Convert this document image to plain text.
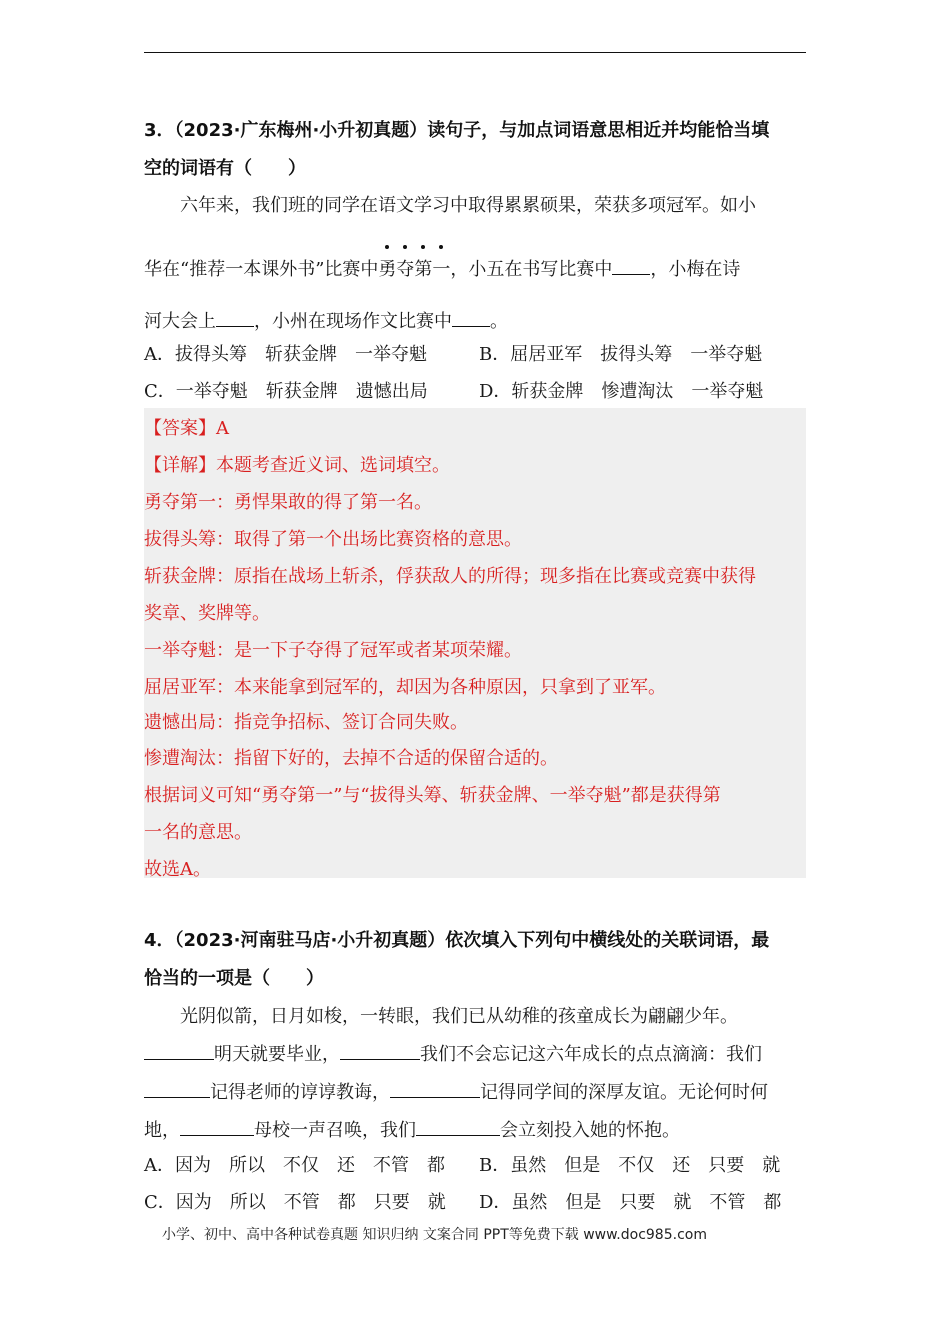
3．（2023·广东梅州·小升初真题）读句子，与加点词语意思相近并均能恰当填
空的词语有（　　）
六年来，我们班的同学在语文学习中取得累累硕果，荣获多项冠军。如小
华在“推荐一本课外书”比赛中
勇夺第一，小五在书写比赛中 ，小梅在诗
河大会上 ，小州在现场作文比赛中 。
A．拔得头筹　斩获金牌　一举夺魁	B．屈居亚军　拔得头筹　一举夺魁
C．一举夺魁　斩获金牌　遗憾出局	D．斩获金牌　惨遭淘汰　一举夺魁
【答案】A
【详解】本题考查近义词、选词填空。
勇夺第一：勇悍果敢的得了第一名。
拔得头筹：取得了第一个出场比赛资格的意思。
斩获金牌：原指在战场上斩杀，俘获敌人的所得；现多指在比赛或竞赛中获得
奖章、奖牌等。
一举夺魁：是一下子夺得了冠军或者某项荣耀。
屈居亚军：本来能拿到冠军的，却因为各种原因，只拿到了亚军。
遗憾出局：指竞争招标、签订合同失败。
惨遭淘汰：指留下好的，去掉不合适的保留合适的。
根据词义可知“勇夺第一”与“拔得头筹、斩获金牌、一举夺魁”都是获得第
一名的意思。
故选A。
4．（2023·河南驻马店·小升初真题）依次填入下列句中横线处的关联词语，最
恰当的一项是（　　）
光阴似箭，日月如梭，一转眼，我们已从幼稚的孩童成长为翩翩少年。
明天就要毕业，	我们不会忘记这六年成长的点点滴滴：我们
记得老师的谆谆教诲，	记得同学间的深厚友谊。无论何时何
地，	母校一声召唤，我们	会立刻投入她的怀抱。
A．因为　所以　不仅　还　不管　都	B．虽然　但是　不仅　还　只要　就
C．因为　所以　不管　都　只要　就	D．虽然　但是　只要　就　不管　都
小学、初中、高中各种试卷真题 知识归纳 文案合同 PPT等免费下载 www.doc985.com
